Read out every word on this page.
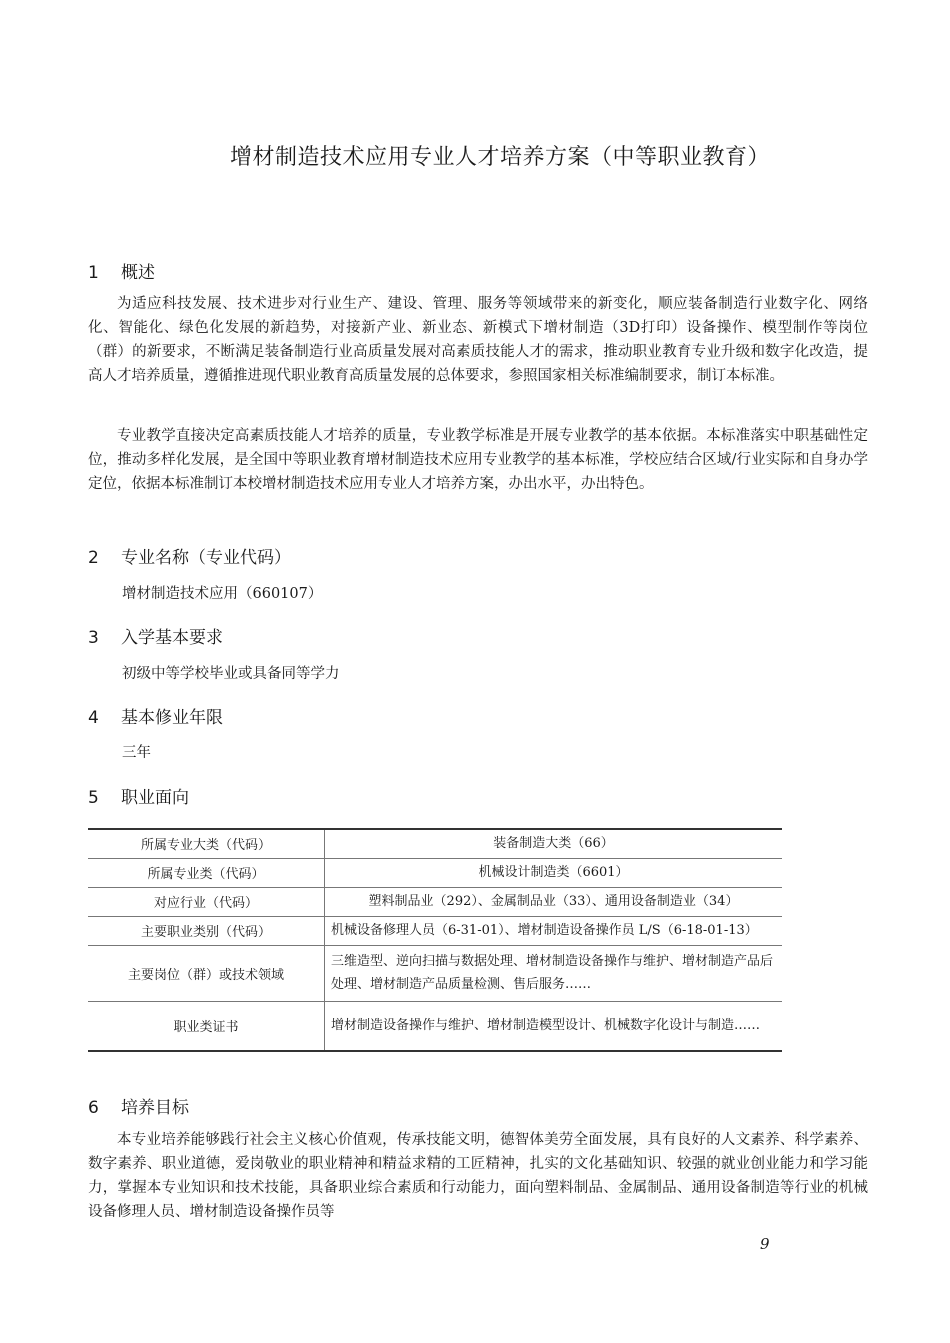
增材制造技术应用专业人才培养方案（中等职业教育）
1 概述

为适应科技发展、技术进步对行业生产、建设、管理、服务等领域带来的新变化，顺应装备制造行业数字化、网络化、智能化、绿色化发展的新趋势，对接新产业、新业态、新模式下增材制造（3D打印）设备操作、模型制作等岗位（群）的新要求，不断满足装备制造行业高质量发展对高素质技能人才的需求，推动职业教育专业升级和数字化改造，提高人才培养质量，遵循推进现代职业教育高质量发展的总体要求，参照国家相关标准编制要求，制订本标准。

专业教学直接决定高素质技能人才培养的质量，专业教学标准是开展专业教学的基本依据。本标准落实中职基础性定位，推动多样化发展，是全国中等职业教育增材制造技术应用专业教学的基本标准，学校应结合区域/行业实际和自身办学定位，依据本标准制订本校增材制造技术应用专业人才培养方案，办出水平，办出特色。

2 专业名称（专业代码）

增材制造技术应用（660107）

3 入学基本要求

初级中等学校毕业或具备同等学力

4 基本修业年限

三年

5 职业面向
所属专业大类（代码）	装备制造大类（66）
所属专业类（代码）	机械设计制造类（6601）
对应行业（代码）	塑料制品业（292）、金属制品业（33）、通用设备制造业（34）
主要职业类别（代码）	机械设备修理人员（6-31-01）、增材制造设备操作员 L/S（6-18-01-13）
主要岗位（群）或技术领域	三维造型、逆向扫描与数据处理、增材制造设备操作与维护、增材制造产品后处理、增材制造产品质量检测、售后服务……
职业类证书	增材制造设备操作与维护、增材制造模型设计、机械数字化设计与制造……
6 培养目标

本专业培养能够践行社会主义核心价值观，传承技能文明，德智体美劳全面发展，具有良好的人文素养、科学素养、数字素养、职业道德，爱岗敬业的职业精神和精益求精的工匠精神，扎实的文化基础知识、较强的就业创业能力和学习能力，掌握本专业知识和技术技能，具备职业综合素质和行动能力，面向塑料制品、金属制品、通用设备制造等行业的机械设备修理人员、增材制造设备操作员等

9
